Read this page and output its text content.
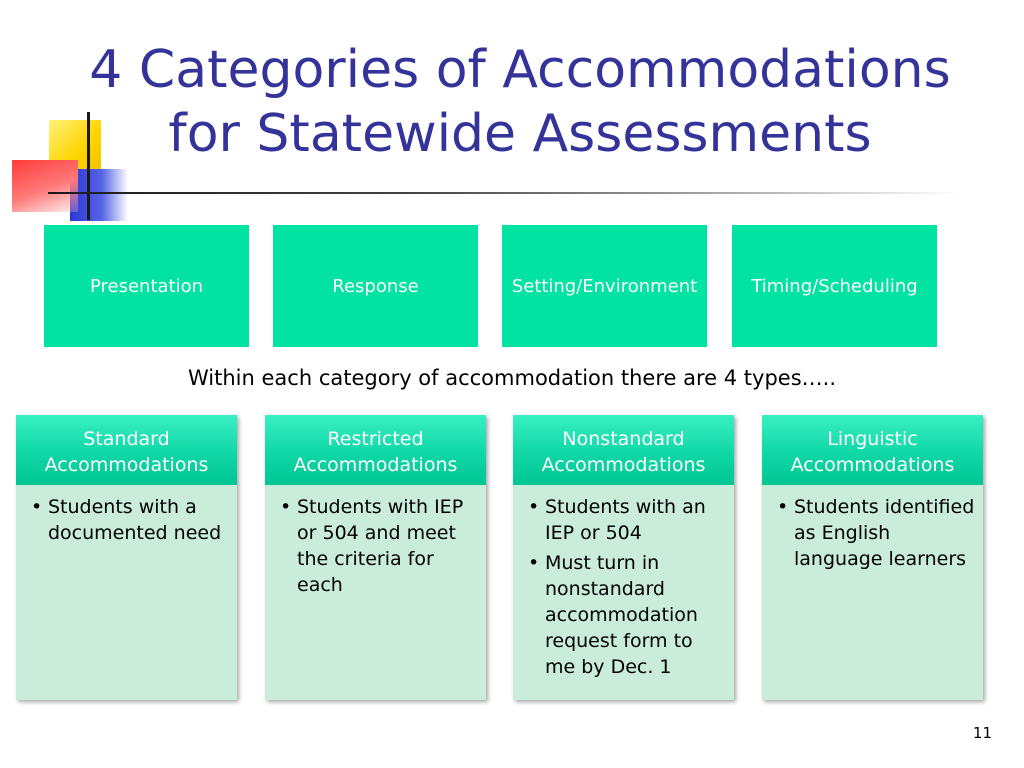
4 Categories of Accommodations
for Statewide Assessments
Presentation	Response	Setting/Environment	Timing/Scheduling
Within each category of accommodation there are 4 types…..
Standard
Accommodations
• Students with a documented need
Restricted
Accommodations
• Students with IEP or 504 and meet the criteria for each
Nonstandard
Accommodations
• Students with an IEP or 504
• Must turn in nonstandard accommodation request form to me by Dec. 1
Linguistic
Accommodations
• Students identified as English language learners
11
